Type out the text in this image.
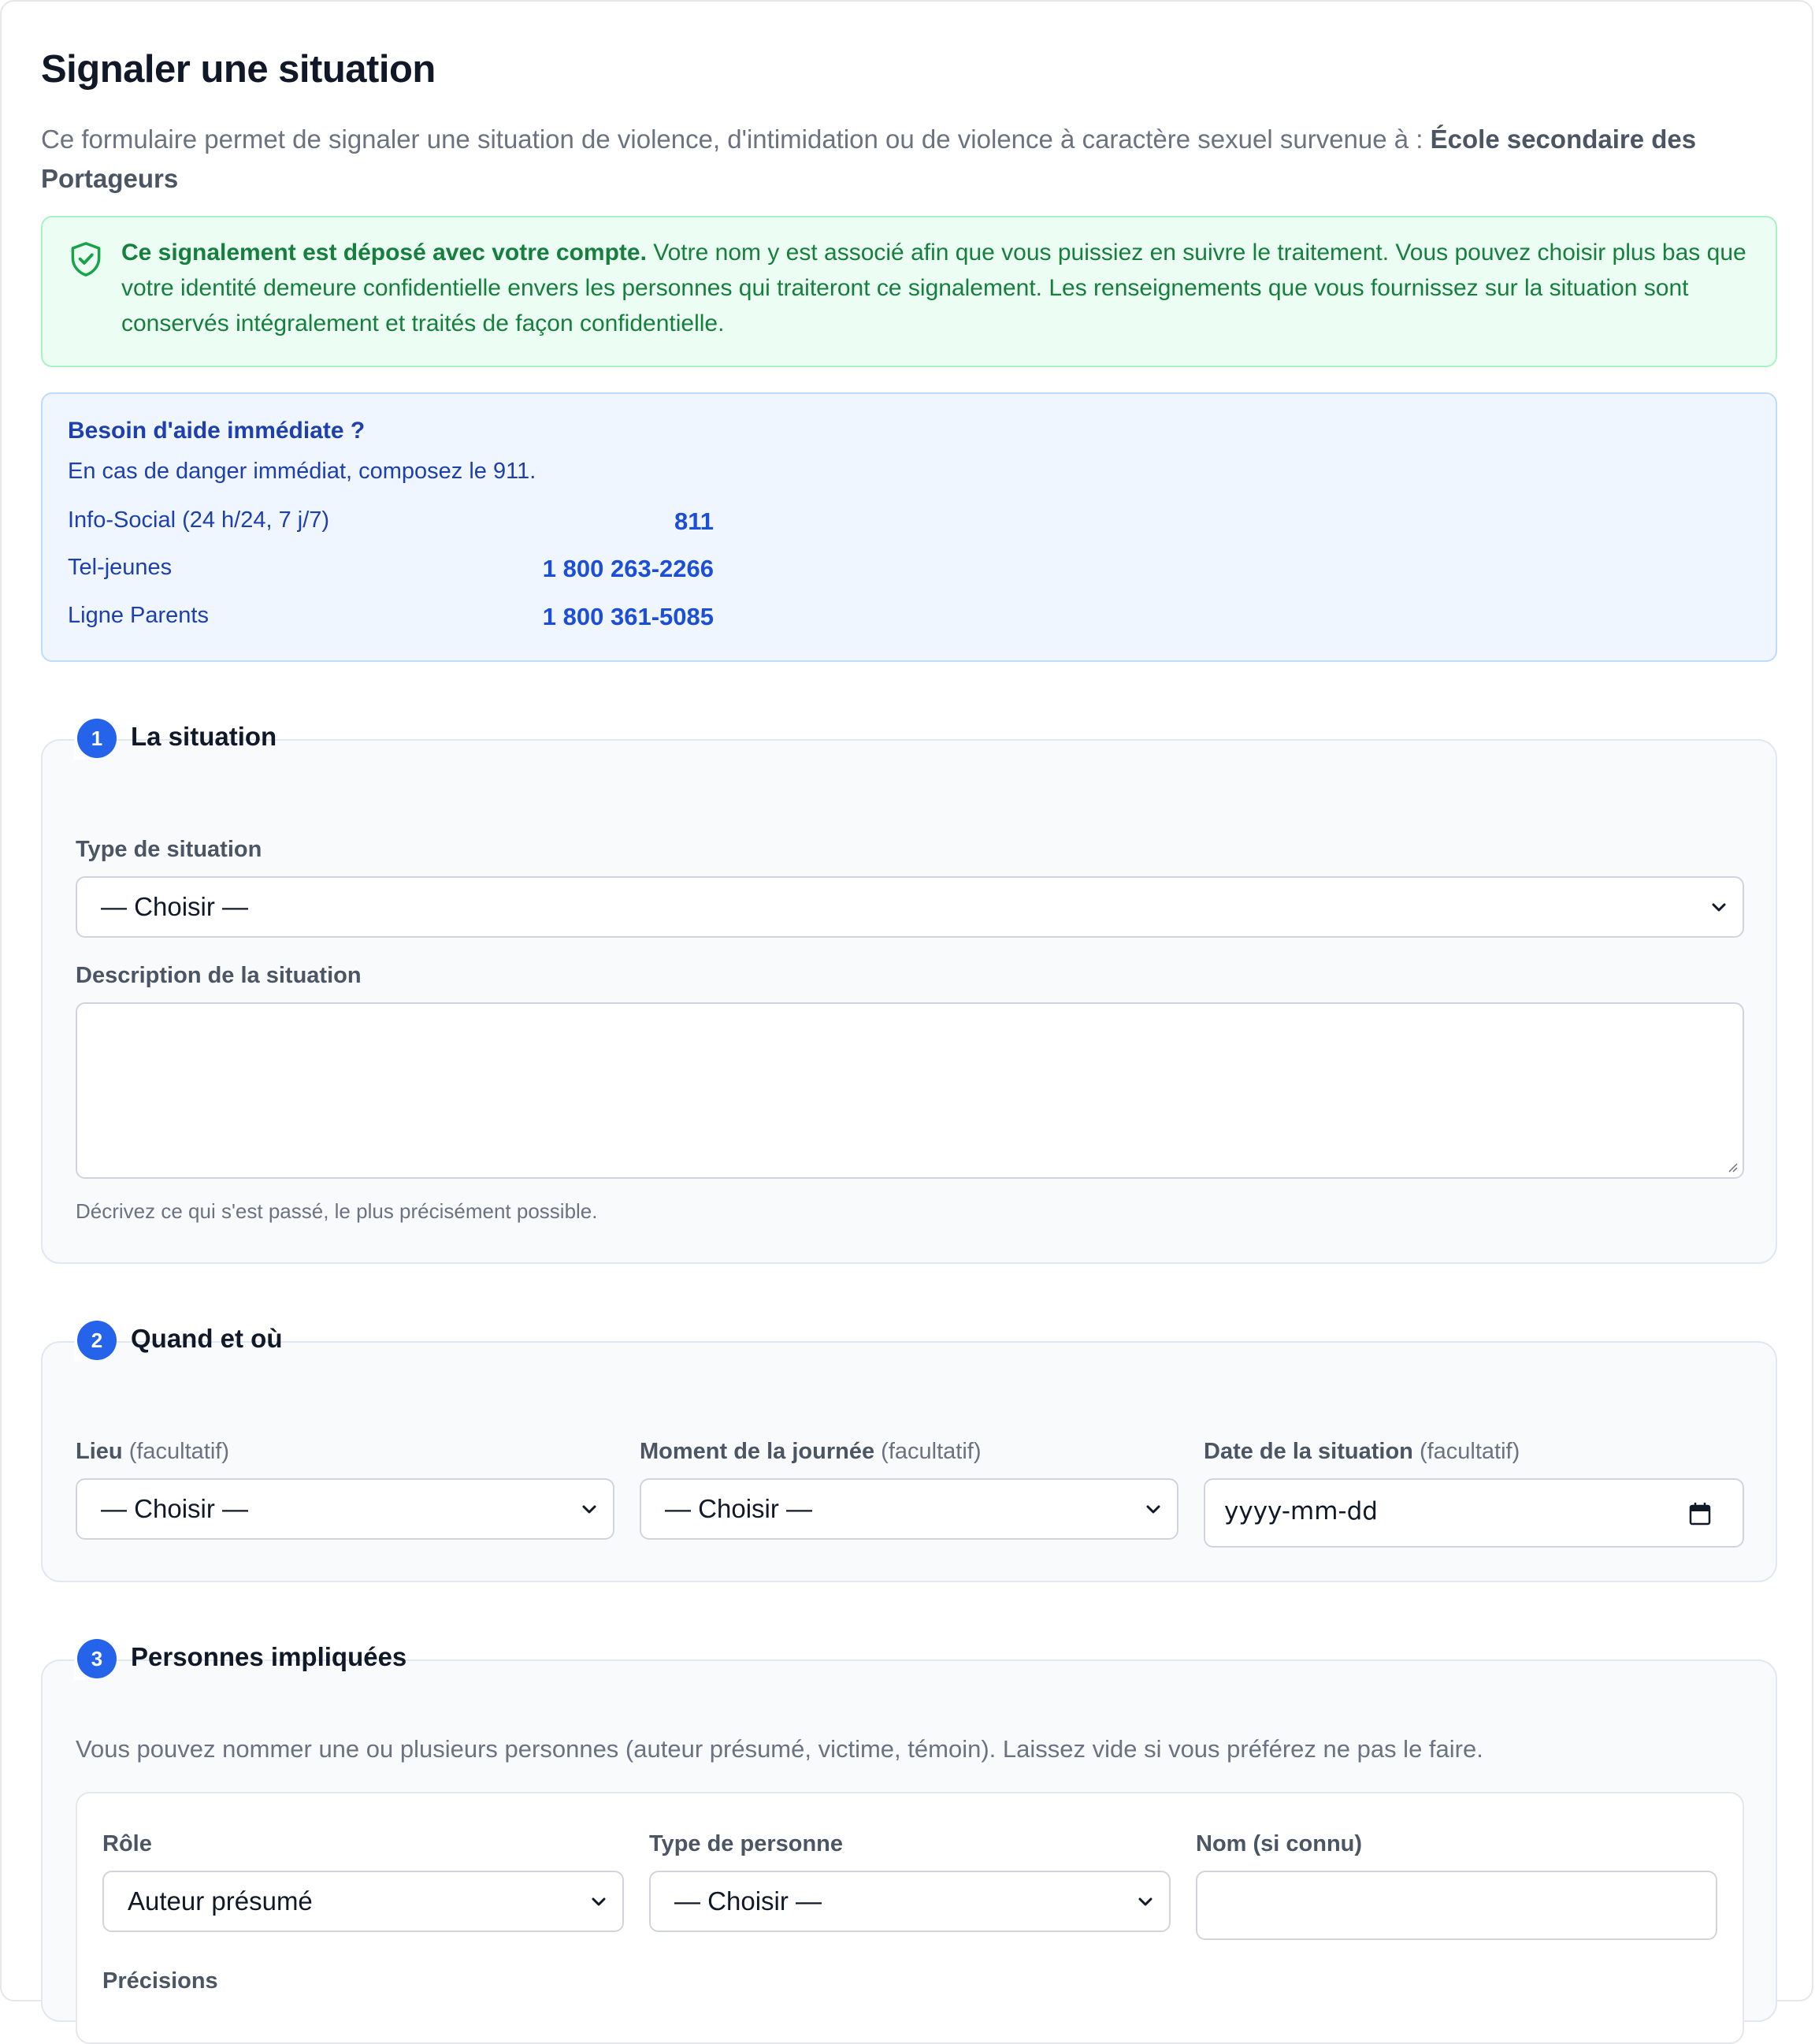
Signaler une situation

Ce formulaire permet de signaler une situation de violence, d'intimidation ou de violence à caractère sexuel survenue à : École secondaire des Portageurs

Ce signalement est déposé avec votre compte. Votre nom y est associé afin que vous puissiez en suivre le traitement. Vous pouvez choisir plus bas que votre identité demeure confidentielle envers les personnes qui traiteront ce signalement. Les renseignements que vous fournissez sur la situation sont conservés intégralement et traités de façon confidentielle.
Besoin d'aide immédiate ?
En cas de danger immédiat, composez le 911.
Info-Social (24 h/24, 7 j/7)	811
Tel-jeunes	1 800 263-2266
Ligne Parents	1 800 361-5085
1	La situation
Type de situation
— Choisir —
Description de la situation
Décrivez ce qui s'est passé, le plus précisément possible.
2	Quand et où
Lieu (facultatif)
— Choisir —
Moment de la journée (facultatif)
— Choisir —
Date de la situation (facultatif)
yyyy-mm-dd
3	Personnes impliquées
Vous pouvez nommer une ou plusieurs personnes (auteur présumé, victime, témoin). Laissez vide si vous préférez ne pas le faire.
Rôle
Auteur présumé
Type de personne
— Choisir —
Nom (si connu)
Précisions
